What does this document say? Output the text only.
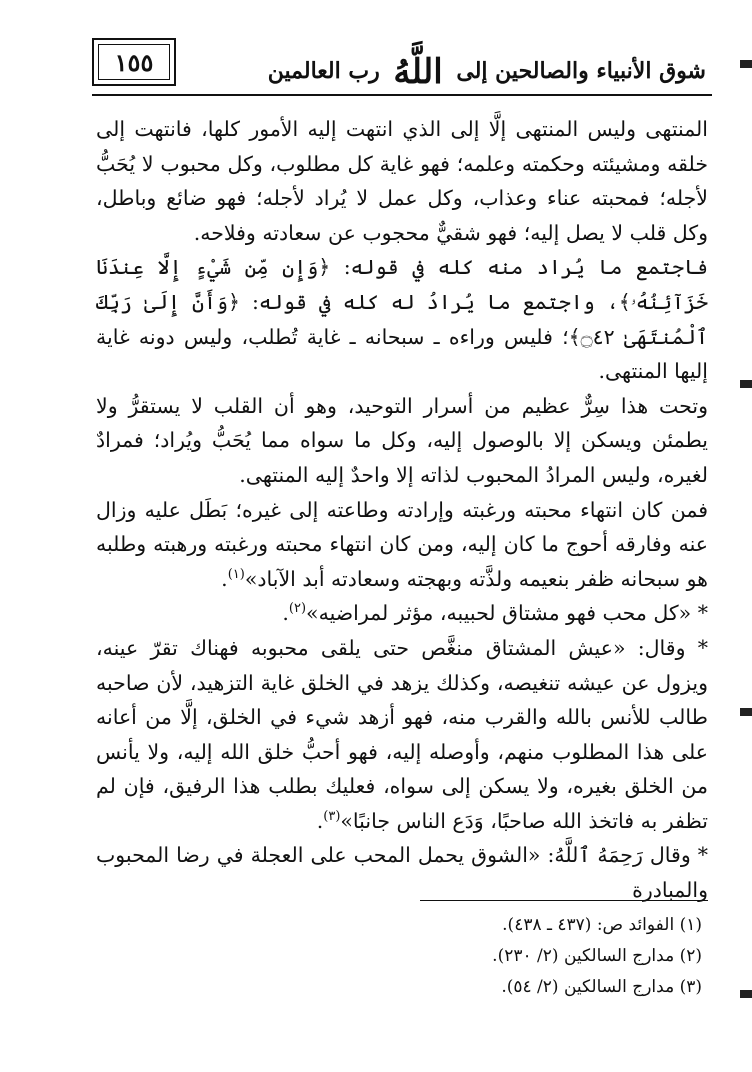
١٥٥	شوق الأنبياء والصالحين إلى اللَّهُ رب العالمين

المنتهى وليس المنتهى إلَّا إلى الذي انتهت إليه الأمور كلها، فانتهت إلى خلقه ومشيئته وحكمته وعلمه؛ فهو غاية كل مطلوب، وكل محبوب لا يُحَبُّ لأجله؛ فمحبته عناء وعذاب، وكل عمل لا يُراد لأجله؛ فهو ضائع وباطل، وكل قلب لا يصل إليه؛ فهو شقيٌّ محجوب عن سعادته وفلاحه.

فاجتمع ما يُراد منه كله في قوله: ﴿وَإِن مِّن شَيْءٍ إِلَّا عِندَنَا خَزَآئِنُهُۥ﴾، واجتمع ما يُرادُ له كله في قوله: ﴿وَأَنَّ إِلَىٰ رَبِّكَ ٱلْمُنتَهَىٰ ۝٤٢﴾؛ فليس وراءه ـ سبحانه ـ غاية تُطلب، وليس دونه غاية إليها المنتهى.

وتحت هذا سِرٌّ عظيم من أسرار التوحيد، وهو أن القلب لا يستقرُّ ولا يطمئن ويسكن إلا بالوصول إليه، وكل ما سواه مما يُحَبُّ ويُراد؛ فمرادٌ لغيره، وليس المرادُ المحبوب لذاته إلا واحدٌ إليه المنتهى.

فمن كان انتهاء محبته ورغبته وإرادته وطاعته إلى غيره؛ بَطَل عليه وزال عنه وفارقه أحوج ما كان إليه، ومن كان انتهاء محبته ورغبته ورهبته وطلبه هو سبحانه ظفر بنعيمه ولذَّته وبهجته وسعادته أبد الآباد»$^{(١)}$.

* «كل محب فهو مشتاق لحبيبه، مؤثر لمراضيه»$^{(٢)}$.

* وقال: «عيش المشتاق منغَّص حتى يلقى محبوبه فهناك تقرّ عينه، ويزول عن عيشه تنغيصه، وكذلك يزهد في الخلق غاية التزهيد، لأن صاحبه طالب للأنس بالله والقرب منه، فهو أزهد شيء في الخلق، إلَّا من أعانه على هذا المطلوب منهم، وأوصله إليه، فهو أحبُّ خلق الله إليه، ولا يأنس من الخلق بغيره، ولا يسكن إلى سواه، فعليك بطلب هذا الرفيق، فإن لم تظفر به فاتخذ الله صاحبًا، وَدَع الناس جانبًا»$^{(٣)}$.

* وقال رَحِمَهُ ٱللَّهُ: «الشوق يحمل المحب على العجلة في رضا المحبوب والمبادرة

(١) الفوائد ص: (٤٣٧ ـ ٤٣٨).
(٢) مدارج السالكين (٢/ ٢٣٠).
(٣) مدارج السالكين (٢/ ٥٤).
